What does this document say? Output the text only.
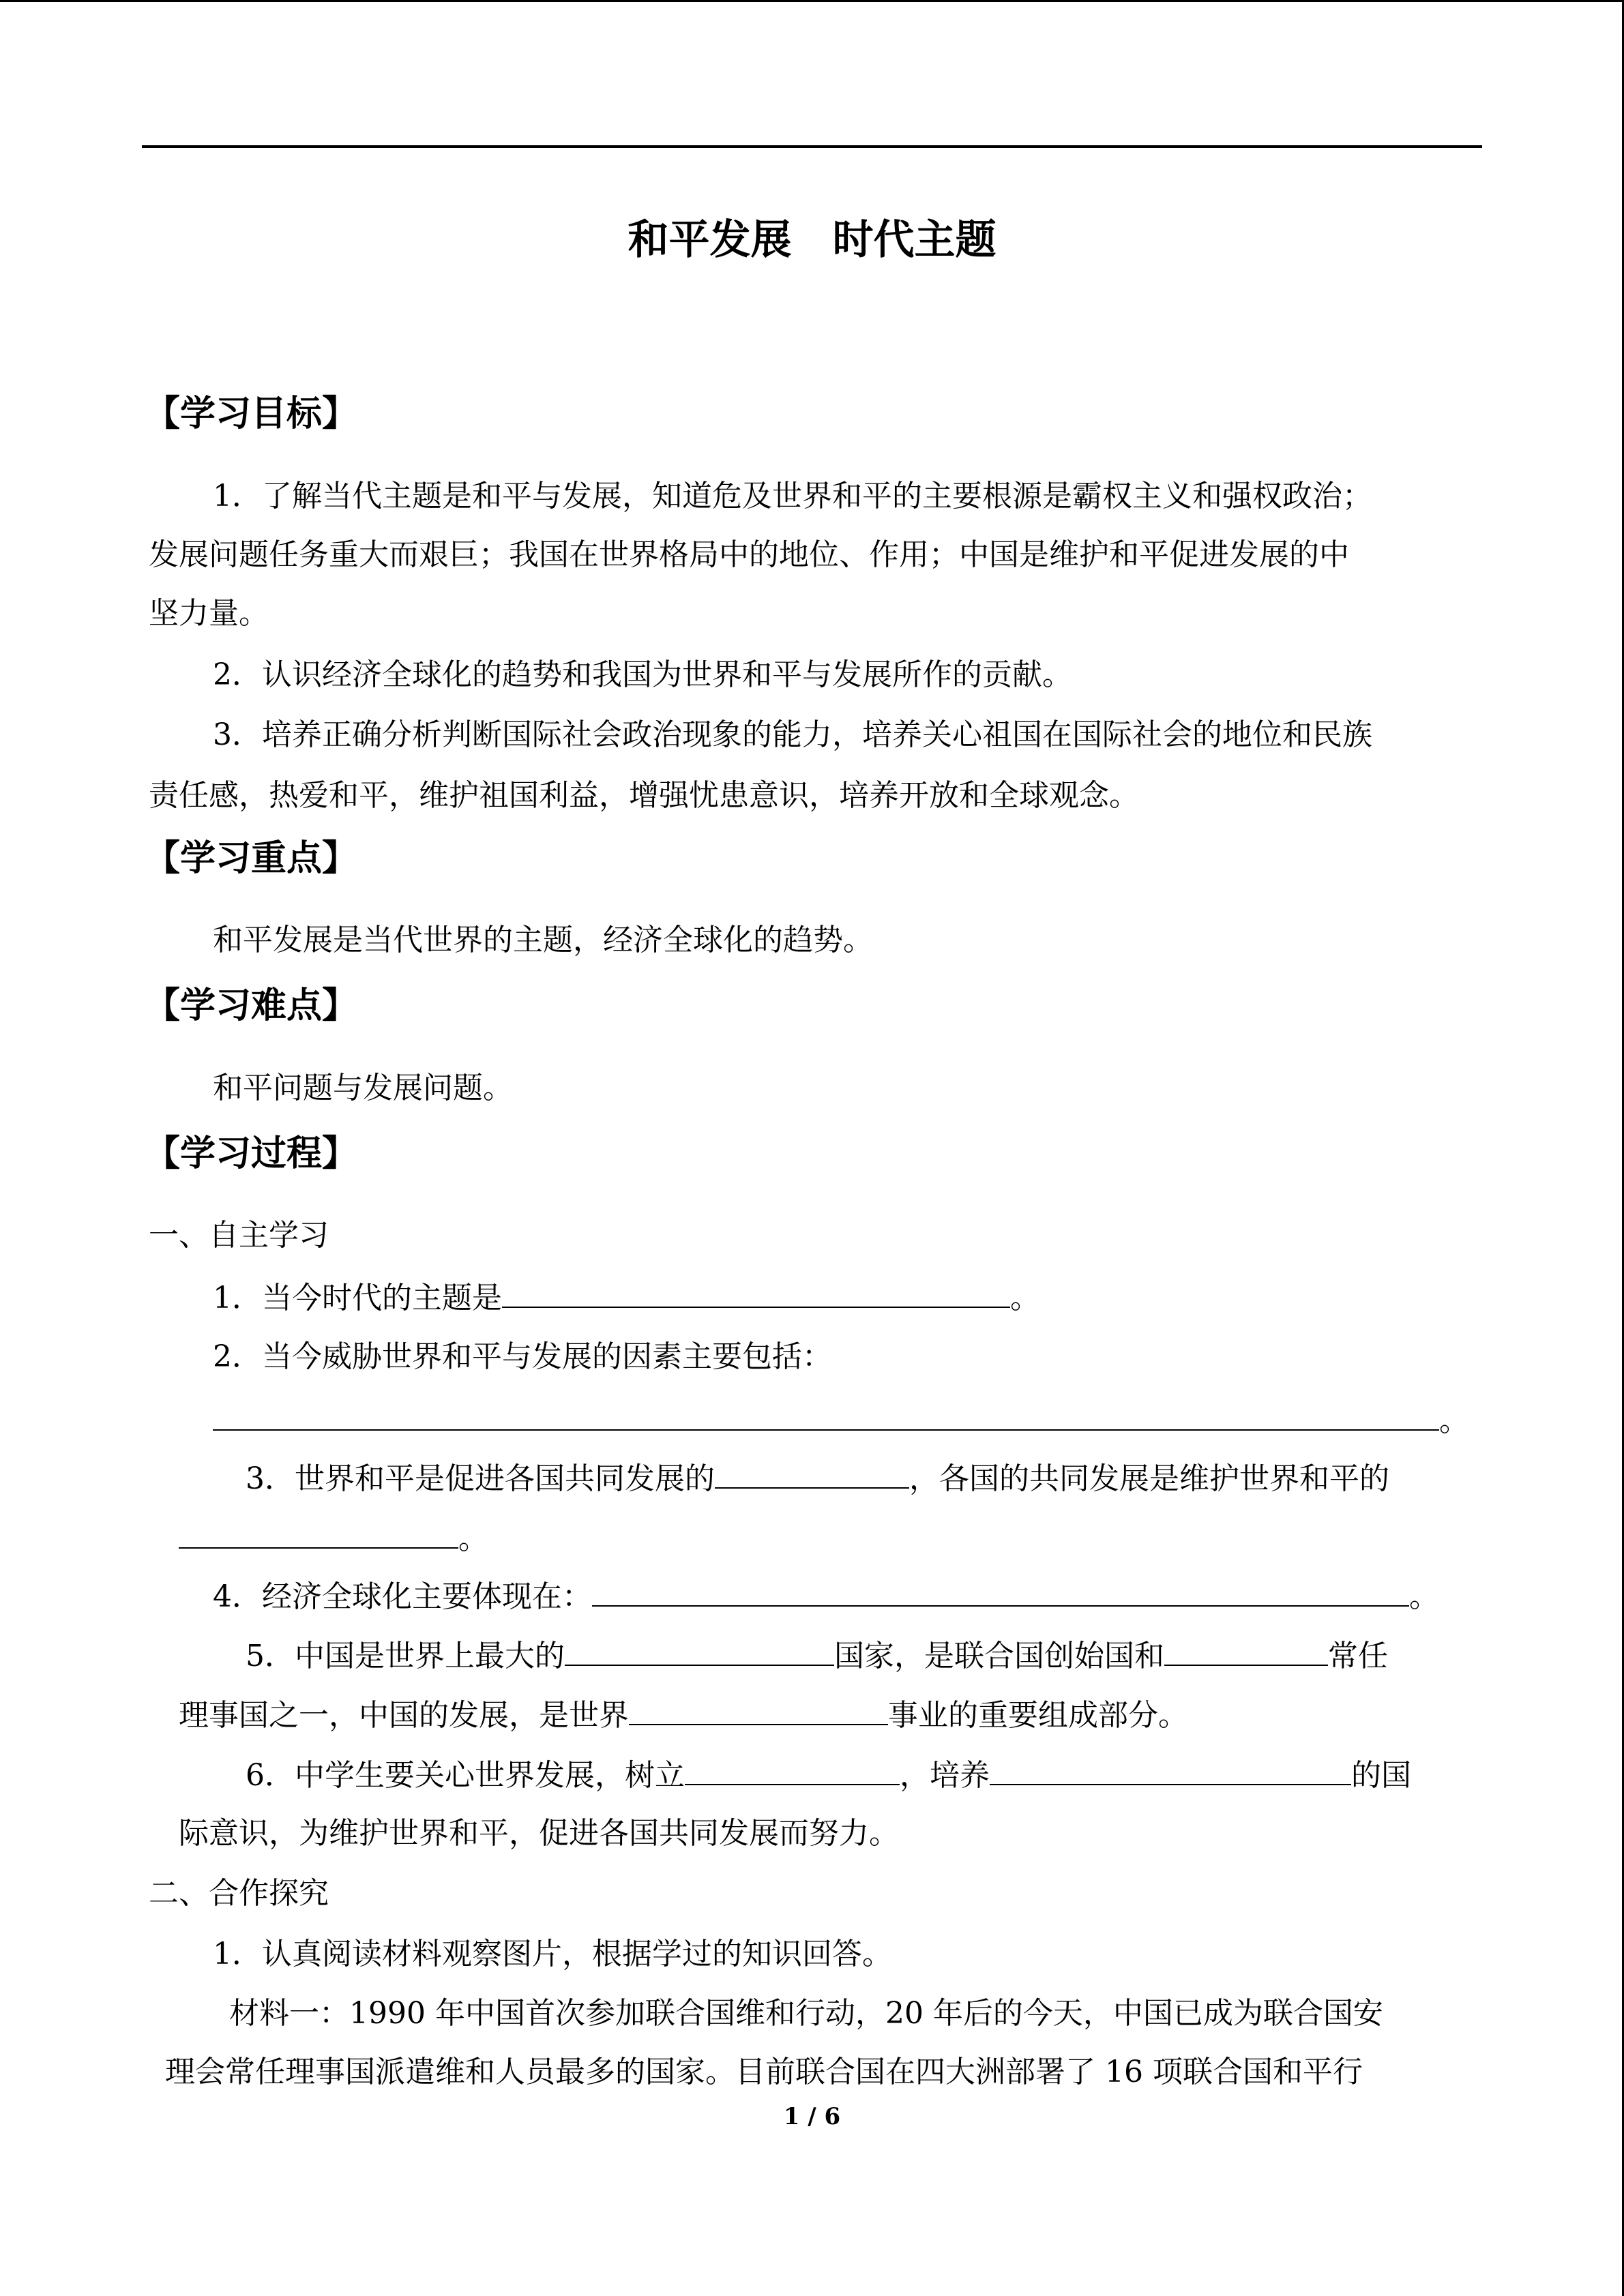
和平发展　时代主题
【学习目标】
1．了解当代主题是和平与发展，知道危及世界和平的主要根源是霸权主义和强权政治；
发展问题任务重大而艰巨；我国在世界格局中的地位、作用；中国是维护和平促进发展的中
坚力量。
2．认识经济全球化的趋势和我国为世界和平与发展所作的贡献。
3．培养正确分析判断国际社会政治现象的能力，培养关心祖国在国际社会的地位和民族
责任感，热爱和平，维护祖国利益，增强忧患意识，培养开放和全球观念。
【学习重点】
和平发展是当代世界的主题，经济全球化的趋势。
【学习难点】
和平问题与发展问题。
【学习过程】
一、自主学习
1．当今时代的主题是	。
2．当今威胁世界和平与发展的因素主要包括：
。
3．世界和平是促进各国共同发展的	，各国的共同发展是维护世界和平的
。
4．经济全球化主要体现在：	。
5．中国是世界上最大的	国家，是联合国创始国和	常任
理事国之一，中国的发展，是世界	事业的重要组成部分。
6．中学生要关心世界发展，树立	，培养	的国
际意识，为维护世界和平，促进各国共同发展而努力。
二、合作探究
1．认真阅读材料观察图片，根据学过的知识回答。
材料一：1990 年中国首次参加联合国维和行动，20 年后的今天，中国已成为联合国安
理会常任理事国派遣维和人员最多的国家。目前联合国在四大洲部署了 16 项联合国和平行
1 / 6
